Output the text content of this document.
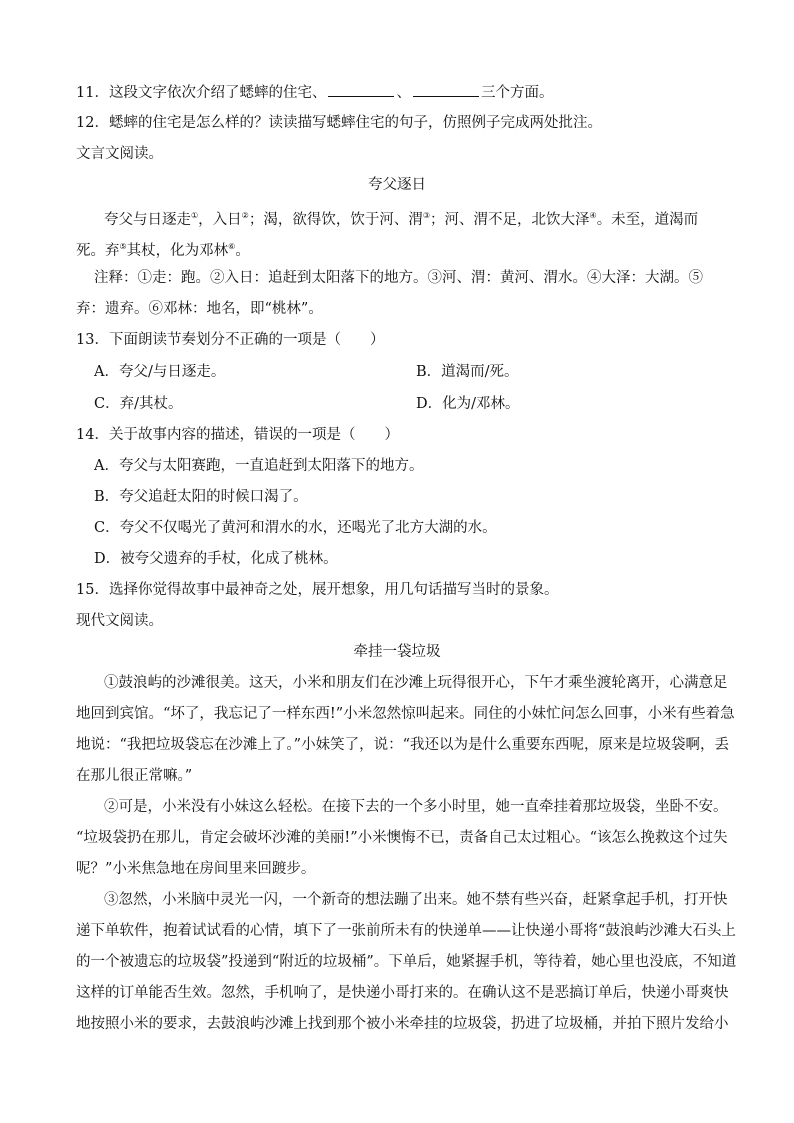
11．这段文字依次介绍了蟋蟀的住宅、	、	三个方面。
12．蟋蟀的住宅是怎么样的？读读描写蟋蟀住宅的句子，仿照例子完成两处批注。
文言文阅读。
夸父逐日
夸父与日逐走①，入日②；渴，欲得饮，饮于河、渭③；河、渭不足，北饮大泽④。未至，道渴而
死。弃⑤其杖，化为邓林⑥。
注释：①走：跑。②入日：追赶到太阳落下的地方。③河、渭：黄河、渭水。④大泽：大湖。⑤
弃：遗弃。⑥邓林：地名，即“桃林”。
13．下面朗读节奏划分不正确的一项是（　　）
A．夸父/与日逐走。	B．道渴而/死。
C．弃/其杖。	D．化为/邓林。
14．关于故事内容的描述，错误的一项是（　　）
A．夸父与太阳赛跑，一直追赶到太阳落下的地方。
B．夸父追赶太阳的时候口渴了。
C．夸父不仅喝光了黄河和渭水的水，还喝光了北方大湖的水。
D．被夸父遗弃的手杖，化成了桃林。
15．选择你觉得故事中最神奇之处，展开想象，用几句话描写当时的景象。
现代文阅读。
牵挂一袋垃圾
①鼓浪屿的沙滩很美。这天，小米和朋友们在沙滩上玩得很开心，下午才乘坐渡轮离开，心满意足
地回到宾馆。“坏了，我忘记了一样东西!”小米忽然惊叫起来。同住的小妹忙问怎么回事，小米有些着急
地说：“我把垃圾袋忘在沙滩上了。”小妹笑了，说：“我还以为是什么重要东西呢，原来是垃圾袋啊，丢
在那儿很正常嘛。”
②可是，小米没有小妹这么轻松。在接下去的一个多小时里，她一直牵挂着那垃圾袋，坐卧不安。
“垃圾袋扔在那儿，肯定会破坏沙滩的美丽!”小米懊悔不已，责备自己太过粗心。“该怎么挽救这个过失
呢？”小米焦急地在房间里来回踱步。
③忽然，小米脑中灵光一闪，一个新奇的想法蹦了出来。她不禁有些兴奋，赶紧拿起手机，打开快
递下单软件，抱着试试看的心情，填下了一张前所未有的快递单——让快递小哥将“鼓浪屿沙滩大石头上
的一个被遗忘的垃圾袋”投递到“附近的垃圾桶”。下单后，她紧握手机，等待着，她心里也没底，不知道
这样的订单能否生效。忽然，手机响了，是快递小哥打来的。在确认这不是恶搞订单后，快递小哥爽快
地按照小米的要求，去鼓浪屿沙滩上找到那个被小米牵挂的垃圾袋，扔进了垃圾桶，并拍下照片发给小
